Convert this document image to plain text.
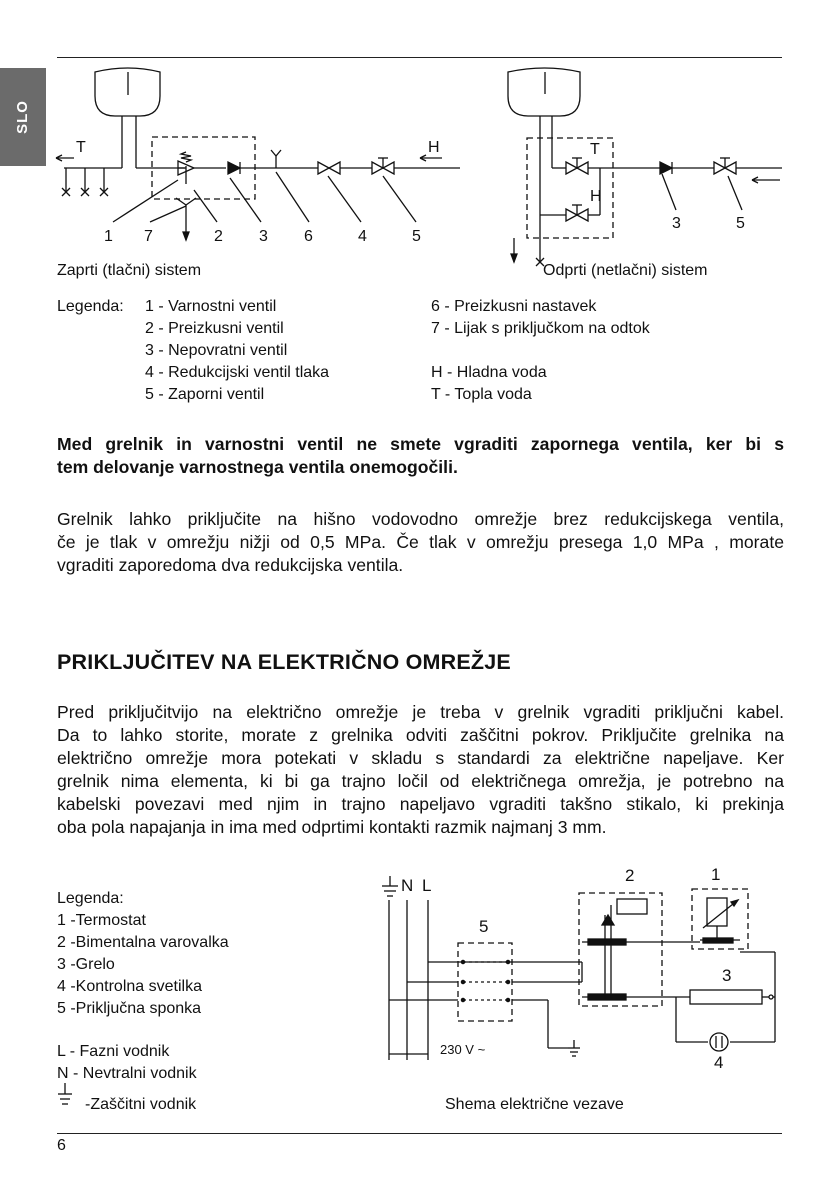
SLO
T	H	T
H
1 7	2 3 6	4	5
3	5
Zaprti (tlačni) sistem	Odprti (netlačni) sistem
Legenda: 1 - Varnostni ventil
2 - Preizkusni ventil
3 - Nepovratni ventil
4 - Redukcijski ventil tlaka
5 - Zaporni ventil
6 - Preizkusni nastavek
7 - Lijak s priključkom na odtok
H - Hladna voda
T - Topla voda
Med grelnik in varnostni ventil ne smete vgraditi zapornega ventila, ker bi s
tem delovanje varnostnega ventila onemogočili.
Grelnik lahko priključite na hišno vodovodno omrežje brez redukcijskega ventila,
če je tlak v omrežju nižji od 0,5 MPa. Če tlak v omrežju presega 1,0 MPa , morate
vgraditi zaporedoma dva redukcijska ventila.
PRIKLJUČITEV NA ELEKTRIČNO OMREŽJE
Pred priključitvijo na električno omrežje je treba v grelnik vgraditi priključni kabel.
Da to lahko storite, morate z grelnika odviti zaščitni pokrov. Priključite grelnika na
električno omrežje mora potekati v skladu s standardi za električne napeljave. Ker
grelnik nima elementa, ki bi ga trajno ločil od električnega omrežja, je potrebno na
kabelski povezavi med njim in trajno napeljavo vgraditi takšno stikalo, ki prekinja
oba pola napajanja in ima med odprtimi kontakti razmik najmanj 3 mm.
Legenda:
1 -Termostat
2 -Bimentalna varovalka
3 -Grelo
4 -Kontrolna svetilka
5 -Priključna sponka
L - Fazni vodnik
N - Nevtralni vodnik
-Zaščitni vodnik
N L
230 V ~
1
2
3
4
5
Shema električne vezave
6
